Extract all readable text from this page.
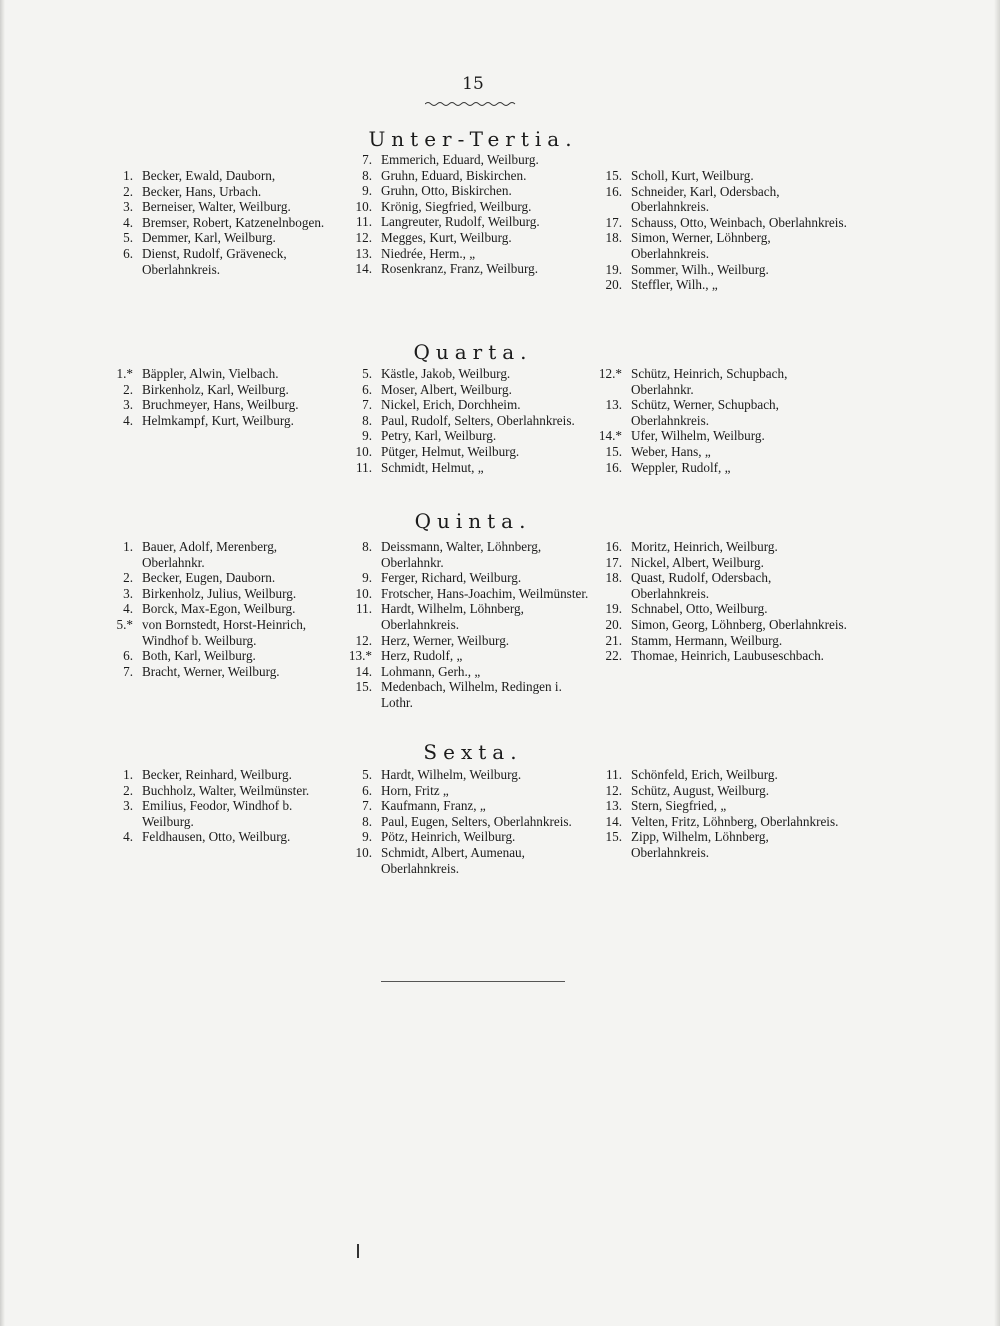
15
Unter-Tertia.
1. Becker, Ewald, Dauborn,
2. Becker, Hans, Urbach.
3. Berneiser, Walter, Weilburg.
4. Bremser, Robert, Katzenelnbogen.
5. Demmer, Karl, Weilburg.
6. Dienst, Rudolf, Gräveneck, Oberlahnkreis.
7. Emmerich, Eduard, Weilburg.
8. Gruhn, Eduard, Biskirchen.
9. Gruhn, Otto, Biskirchen.
10. Krönig, Siegfried, Weilburg.
11. Langreuter, Rudolf, Weilburg.
12. Megges, Kurt, Weilburg.
13. Niedrée, Herm., „
14. Rosenkranz, Franz, Weilburg.
15. Scholl, Kurt, Weilburg.
16. Schneider, Karl, Odersbach, Oberlahnkreis.
17. Schauss, Otto, Weinbach, Oberlahnkreis.
18. Simon, Werner, Löhnberg, Oberlahnkreis.
19. Sommer, Wilh., Weilburg.
20. Steffler, Wilh., „
Quarta.
1.* Bäppler, Alwin, Vielbach.
2. Birkenholz, Karl, Weilburg.
3. Bruchmeyer, Hans, Weilburg.
4. Helmkampf, Kurt, Weilburg.
5. Kästle, Jakob, Weilburg.
6. Moser, Albert, Weilburg.
7. Nickel, Erich, Dorchheim.
8. Paul, Rudolf, Selters, Oberlahnkreis.
9. Petry, Karl, Weilburg.
10. Pütger, Helmut, Weilburg.
11. Schmidt, Helmut, „
12.* Schütz, Heinrich, Schupbach, Oberlahnkr.
13. Schütz, Werner, Schupbach, Oberlahnkreis.
14.* Ufer, Wilhelm, Weilburg.
15. Weber, Hans, „
16. Weppler, Rudolf, „
Quinta.
1. Bauer, Adolf, Merenberg, Oberlahnkr.
2. Becker, Eugen, Dauborn.
3. Birkenholz, Julius, Weilburg.
4. Borck, Max-Egon, Weilburg.
5.* von Bornstedt, Horst-Heinrich, Windhof b. Weilburg.
6. Both, Karl, Weilburg.
7. Bracht, Werner, Weilburg.
8. Deissmann, Walter, Löhnberg, Oberlahnkr.
9. Ferger, Richard, Weilburg.
10. Frotscher, Hans-Joachim, Weilmünster.
11. Hardt, Wilhelm, Löhnberg, Oberlahnkreis.
12. Herz, Werner, Weilburg.
13.* Herz, Rudolf, „
14. Lohmann, Gerh., „
15. Medenbach, Wilhelm, Redingen i. Lothr.
16. Moritz, Heinrich, Weilburg.
17. Nickel, Albert, Weilburg.
18. Quast, Rudolf, Odersbach, Oberlahnkreis.
19. Schnabel, Otto, Weilburg.
20. Simon, Georg, Löhnberg, Oberlahnkreis.
21. Stamm, Hermann, Weilburg.
22. Thomae, Heinrich, Laubuseschbach.
Sexta.
1. Becker, Reinhard, Weilburg.
2. Buchholz, Walter, Weilmünster.
3. Emilius, Feodor, Windhof b. Weilburg.
4. Feldhausen, Otto, Weilburg.
5. Hardt, Wilhelm, Weilburg.
6. Horn, Fritz „
7. Kaufmann, Franz, „
8. Paul, Eugen, Selters, Oberlahnkreis.
9. Pötz, Heinrich, Weilburg.
10. Schmidt, Albert, Aumenau, Oberlahnkreis.
11. Schönfeld, Erich, Weilburg.
12. Schütz, August, Weilburg.
13. Stern, Siegfried, „
14. Velten, Fritz, Löhnberg, Oberlahnkreis.
15. Zipp, Wilhelm, Löhnberg, Oberlahnkreis.
